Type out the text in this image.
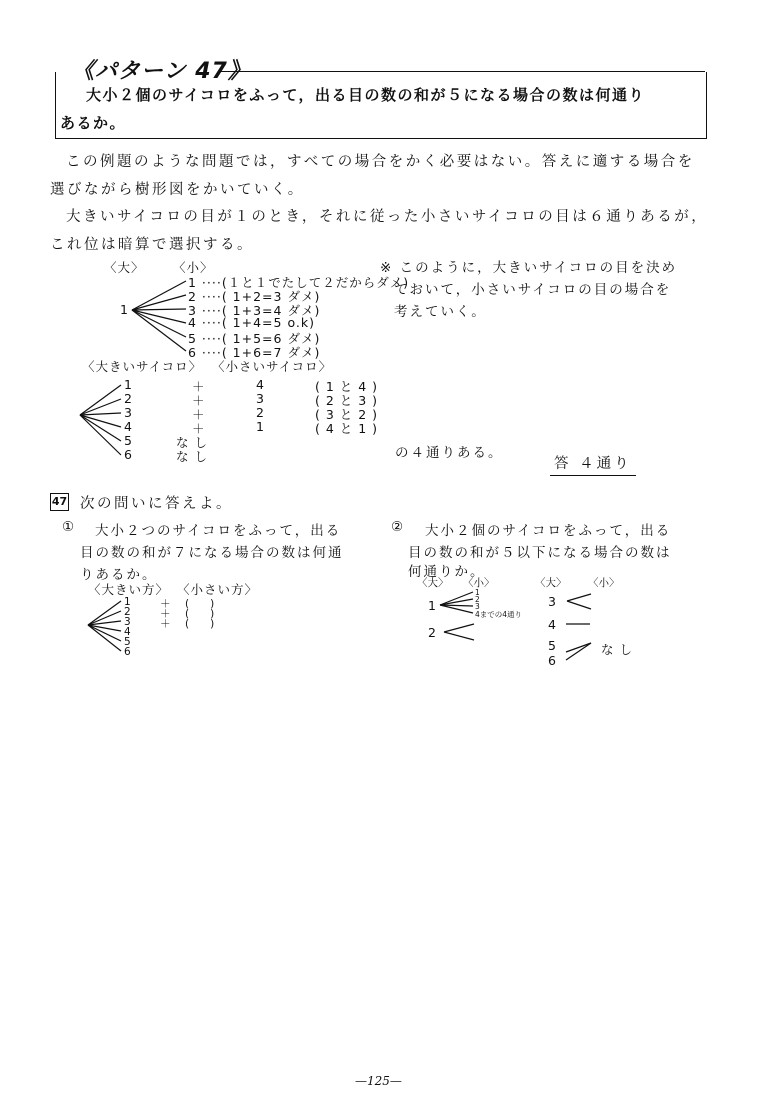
《パターン 47》
大小２個のサイコロをふって，出る目の数の和が５になる場合の数は何通り
あるか。
この例題のような問題では，すべての場合をかく必要はない。答えに適する場合を
選びながら樹形図をかいていく。
大きいサイコロの目が１のとき，それに従った小さいサイコロの目は６通りあるが，
これ位は暗算で選択する。
〈大〉 〈小〉
1
1 ····(１と１でたして２だからダメ)
2 ····( 1+2=3 ダメ)
3 ····( 1+3=4 ダメ)
4 ····( 1+4=5 o.k)
5 ····( 1+5=6 ダメ)
6 ····( 1+6=7 ダメ)
※ このように，大きいサイコロの目を決め
ておいて，小さいサイコロの目の場合を
考えていく。
〈大きいサイコロ〉 〈小さいサイコロ〉
1
2
3
4
5
6
＋
＋
＋
＋
な し
な し
4
3
2
1
( 1 と 4 )
( 2 と 3 )
( 3 と 2 )
( 4 と 1 )
の４通りある。
答 ４通り
47 次の問いに答えよ。
① 大小２つのサイコロをふって，出る
目の数の和が７になる場合の数は何通
りあるか。
〈大きい方〉 〈小さい方〉
1
2
3
4
5
6
＋
＋
＋
(　　)
(　　)
(　　)
② 大小２個のサイコロをふって，出る
目の数の和が５以下になる場合の数は
何通りか。
〈大〉 〈小〉	〈大〉 〈小〉
1
1
2
3
4までの4通り
2
3
4
5
6
な し
—125—
